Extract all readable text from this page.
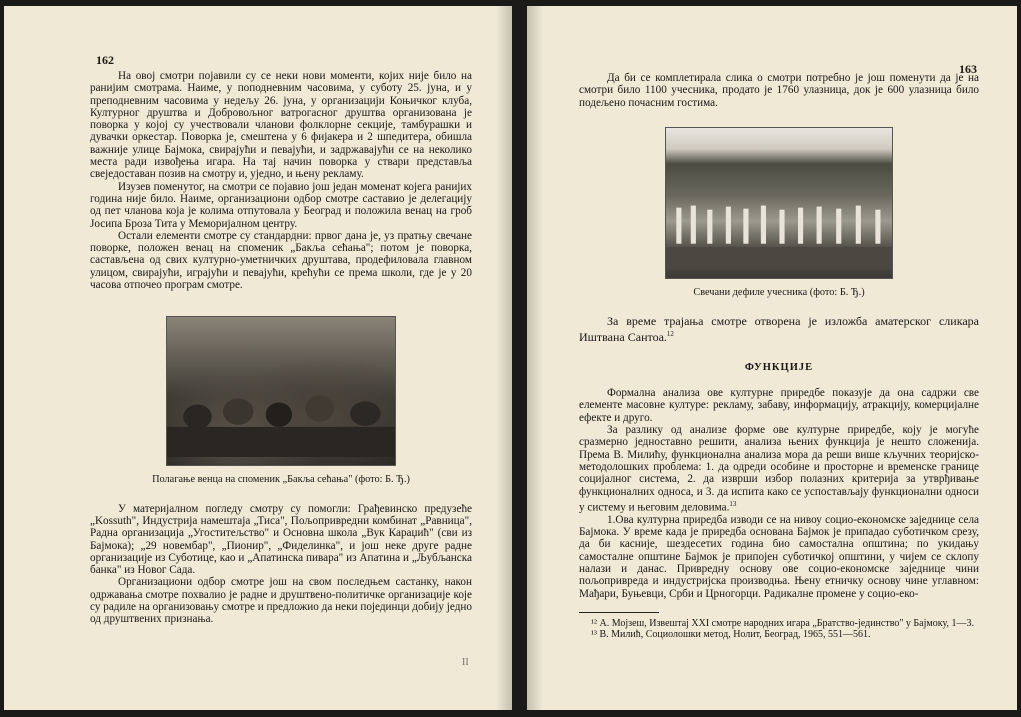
162

На овој смотри појавили су се неки нови моменти, којих није било на ранијим смотрама. Наиме, у поподневним часовима, у суботу 25. јуна, и у преподневним часовима у недељу 26. јуна, у организацији Коњичког клуба, Културног друштва и Добровољног ватрогасног друштва организована је поворка у којој су учествовали чланови фолклорне секције, тамбурашки и дувачки оркестар. Поворка је, смештена у 6 фијакера и 2 шпедитера, обишла важније улице Бајмока, свирајући и певајући, и задржавајући се на неколико места ради извођења игара. На тај начин поворка у ствари представља свеједоставан позив на смотру и, уједно, и њену рекламу.

Изузев поменутог, на смотри се појавио још један моменат којега ранијих година није било. Наиме, организациони одбор смотре саставио је делегацију од пет чланова која је колима отпутовала у Београд и положила венац на гроб Јосипа Броза Тита у Меморијалном центру.

Остали елементи смотре су стандардни: првог дана је, уз пратњу свечане поворке, положен венац на споменик „Бакља сећања"; потом је поворка, састављена од свих културно-уметничких друштава, продефиловала главном улицом, свирајући, играјући и певајући, крећући се према школи, где је у 20 часова отпочео програм смотре.

Полагање венца на споменик „Бакља сећања" (фото: Б. Ђ.)

У материјалном погледу смотру су помогли: Грађевинско предузеће „Kossuth", Индустрија намештаја „Тиса", Пољопривредни комбинат „Равница", Радна организација „Угоститељство" и Основна школа „Вук Караџић" (сви из Бајмока); „29 новембар", „Пионир", „Фиделинка", и још неке друге радне организације из Суботице, као и „Апатинска пивара" из Апатина и „Љубљанска банка" из Новог Сада.

Организациони одбор смотре још на свом последњем састанку, након одржавања смотре похвалио је радне и друштвено-политичке организације које су радиле на организовању смотре и предложио да неки појединци добију једно од друштвених признања.

II
163

Да би се комплетирала слика о смотри потребно је још поменути да је на смотри било 1100 учесника, продато је 1760 улазница, док је 600 улазница било подељено почасним гостима.

Свечани дефиле учесника (фото: Б. Ђ.)

За време трајања смотре отворена је изложба аматерског сликара Иштвана Сантоа.$^{12}$

ФУНКЦИЈЕ

Формална анализа ове културне приредбе показује да она садржи све елементе масовне културе: рекламу, забаву, информацију, атракцију, комерцијалне ефекте и друго.

За разлику од анализе форме ове културне приредбе, коју је могуће сразмерно једноставно решити, анализа њених функција је нешто сложенија. Према В. Милићу, функционална анализа мора да реши више кључних теоријско-методолошких проблема: 1. да одреди особине и просторне и временске границе социјалног система, 2. да изврши избор полазних критерија за утврђивање функционалних односа, и 3. да испита како се успостављају функционални односи у систему и његовим деловима.$^{13}$

1.Ова културна приредба изводи се на нивоу социо-економске заједнице села Бајмока. У време када је приредба основана Бајмок је припадао суботичком срезу, да би касније, шездесетих година био самостална општина; по укидању самосталне општине Бајмок је припојен суботичкој општини, у чијем се склопу налази и данас. Привредну основу ове социо-економске заједнице чини пољопривреда и индустријска производња. Њену етничку основу чине углавном: Мађари, Буњевци, Срби и Црногорци. Радикалне промене у социо-еко-

¹² А. Мојзеш, Извештај XXI смотре народних игара „Братство-јединство" у Бајмоку, 1—3.

¹³ В. Милић, Социолошки метод, Нолит, Београд, 1965, 551—561.
